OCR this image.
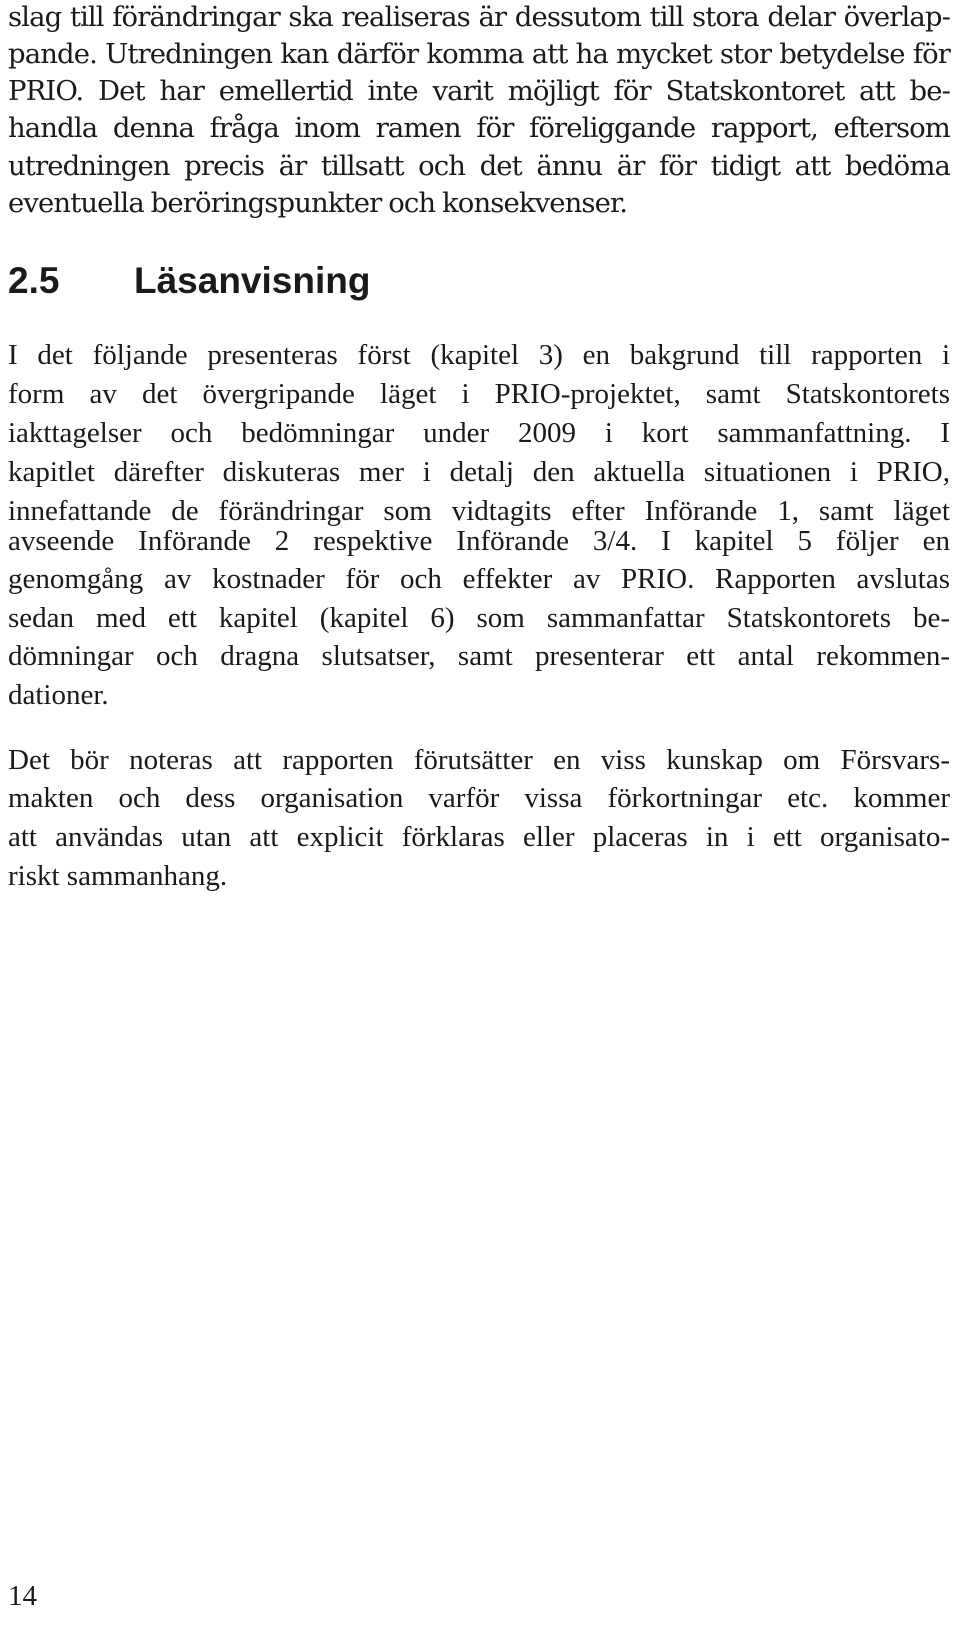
slag till förändringar ska realiseras är dessutom till stora delar överlap-
pande. Utredningen kan därför komma att ha mycket stor betydelse för
PRIO. Det har emellertid inte varit möjligt för Statskontoret att be-
handla denna fråga inom ramen för föreliggande rapport, eftersom
utredningen precis är tillsatt och det ännu är för tidigt att bedöma
eventuella beröringspunkter och konsekvenser.
2.5 Läsanvisning
I det följande presenteras först (kapitel 3) en bakgrund till rapporten i
form av det övergripande läget i PRIO-projektet, samt Statskontorets
iakttagelser och bedömningar under 2009 i kort sammanfattning. I
kapitlet därefter diskuteras mer i detalj den aktuella situationen i PRIO,
innefattande de förändringar som vidtagits efter Införande 1, samt läget
avseende Införande 2 respektive Införande 3/4. I kapitel 5 följer en
genomgång av kostnader för och effekter av PRIO. Rapporten avslutas
sedan med ett kapitel (kapitel 6) som sammanfattar Statskontorets be-
dömningar och dragna slutsatser, samt presenterar ett antal rekommen-
dationer.
Det bör noteras att rapporten förutsätter en viss kunskap om Försvars-
makten och dess organisation varför vissa förkortningar etc. kommer
att användas utan att explicit förklaras eller placeras in i ett organisato-
riskt sammanhang.
14
